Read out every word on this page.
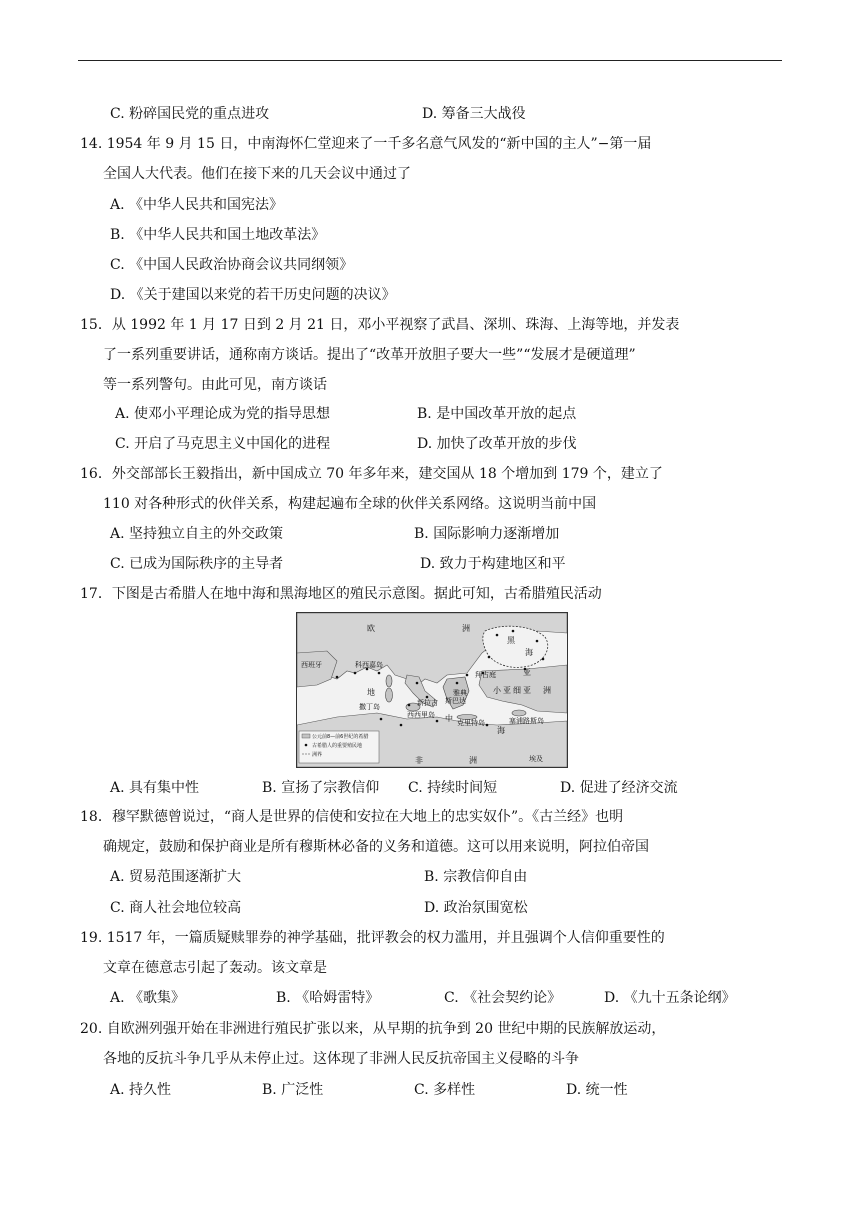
C. 粉碎国民党的重点进攻	D. 筹备三大战役
14. 1954 年 9 月 15 日，中南海怀仁堂迎来了一千多名意气风发的“新中国的主人”−第一届
全国人大代表。他们在接下来的几天会议中通过了
A. 《中华人民共和国宪法》
B. 《中华人民共和国土地改革法》
C. 《中国人民政治协商会议共同纲领》
D. 《关于建国以来党的若干历史问题的决议》
15．从 1992 年 1 月 17 日到 2 月 21 日，邓小平视察了武昌、深圳、珠海、上海等地，并发表
了一系列重要讲话，通称南方谈话。提出了“改革开放胆子要大一些”“发展才是硬道理”
等一系列警句。由此可见，南方谈话
A. 使邓小平理论成为党的指导思想	B. 是中国改革开放的起点
C. 开启了马克思主义中国化的进程	D. 加快了改革开放的步伐
16．外交部部长王毅指出，新中国成立 70 年多年来，建交国从 18 个增加到 179 个，建立了
110 对各种形式的伙伴关系，构建起遍布全球的伙伴关系网络。这说明当前中国
A. 坚持独立自主的外交政策	B. 国际影响力逐渐增加
C. 已成为国际秩序的主导者	D. 致力于构建地区和平
17．下图是古希腊人在地中海和黑海地区的殖民示意图。据此可知，古希腊殖民活动
欧	洲
黑
海
亚
洲
小 亚 细 亚
西班牙	科西嘉岛
撒丁岛
西西里岛
地
中
海
新拉古
雅典
斯巴达
克里特岛	塞浦路斯岛
非	洲	埃及
拜占庭
公元前8—前6世纪的希腊
古希腊人的重要殖民地
洲界
A. 具有集中性	B. 宣扬了宗教信仰 C. 持续时间短	D. 促进了经济交流
18．穆罕默德曾说过，“商人是世界的信使和安拉在大地上的忠实奴仆”。《古兰经》也明
确规定，鼓励和保护商业是所有穆斯林必备的义务和道德。这可以用来说明，阿拉伯帝国
A. 贸易范围逐渐扩大	B. 宗教信仰自由
C. 商人社会地位较高	D. 政治氛围宽松
19. 1517 年，一篇质疑赎罪券的神学基础，批评教会的权力滥用，并且强调个人信仰重要性的
文章在德意志引起了轰动。该文章是
A. 《歌集》	B. 《哈姆雷特》	C. 《社会契约论》	D. 《九十五条论纲》
20. 自欧洲列强开始在非洲进行殖民扩张以来，从早期的抗争到 20 世纪中期的民族解放运动，
各地的反抗斗争几乎从未停止过。这体现了非洲人民反抗帝国主义侵略的斗争
A. 持久性	B. 广泛性	C. 多样性	D. 统一性
